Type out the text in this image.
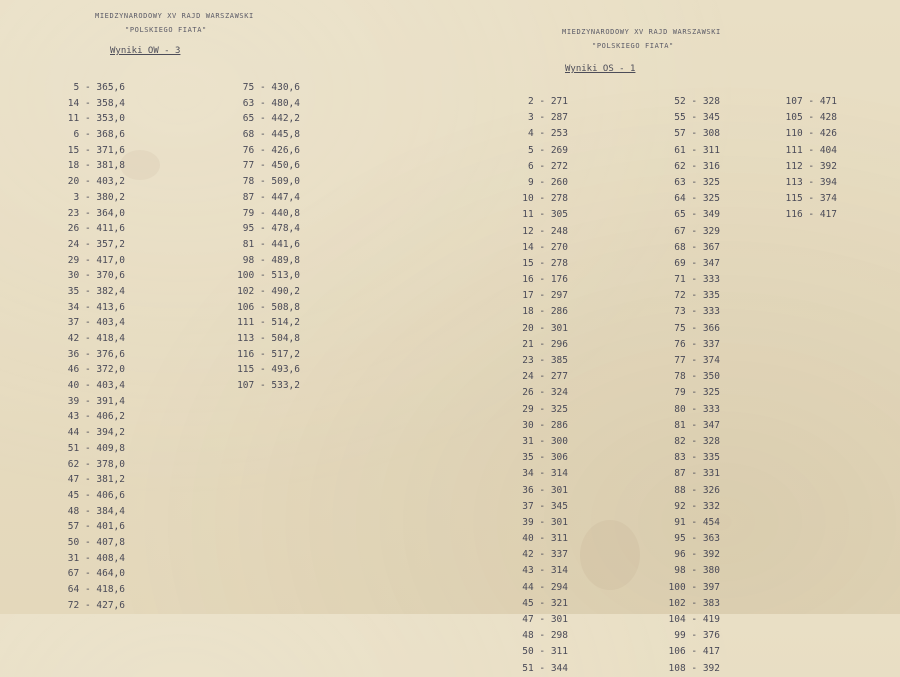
MIEDZYNARODOWY XV RAJD WARSZAWSKI
"POLSKIEGO FIATA"
Wyniki OW - 3
5 - 365,6
14 - 358,4
11 - 353,0
6 - 368,6
15 - 371,6
18 - 381,8
20 - 403,2
3 - 380,2
23 - 364,0
26 - 411,6
24 - 357,2
29 - 417,0
30 - 370,6
35 - 382,4
34 - 413,6
37 - 403,4
42 - 418,4
36 - 376,6
46 - 372,0
40 - 403,4
39 - 391,4
43 - 406,2
44 - 394,2
51 - 409,8
62 - 378,0
47 - 381,2
45 - 406,6
48 - 384,4
57 - 401,6
50 - 407,8
31 - 408,4
67 - 464,0
64 - 418,6
72 - 427,6
75 - 430,6
63 - 480,4
65 - 442,2
68 - 445,8
76 - 426,6
77 - 450,6
78 - 509,0
87 - 447,4
79 - 440,8
95 - 478,4
81 - 441,6
98 - 489,8
100 - 513,0
102 - 490,2
106 - 508,8
111 - 514,2
113 - 504,8
116 - 517,2
115 - 493,6
107 - 533,2
MIEDZYNARODOWY XV RAJD WARSZAWSKI
"POLSKIEGO FIATA"
Wyniki OS - 1
2 - 271
3 - 287
4 - 253
5 - 269
6 - 272
9 - 260
10 - 278
11 - 305
12 - 248
14 - 270
15 - 278
16 - 176
17 - 297
18 - 286
20 - 301
21 - 296
23 - 385
24 - 277
26 - 324
29 - 325
30 - 286
31 - 300
35 - 306
34 - 314
36 - 301
37 - 345
39 - 301
40 - 311
42 - 337
43 - 314
44 - 294
45 - 321
47 - 301
48 - 298
50 - 311
51 - 344
52 - 328
55 - 345
57 - 308
61 - 311
62 - 316
63 - 325
64 - 325
65 - 349
67 - 329
68 - 367
69 - 347
71 - 333
72 - 335
73 - 333
75 - 366
76 - 337
77 - 374
78 - 350
79 - 325
80 - 333
81 - 347
82 - 328
83 - 335
87 - 331
88 - 326
92 - 332
91 - 454
95 - 363
96 - 392
98 - 380
100 - 397
102 - 383
104 - 419
99 - 376
106 - 417
108 - 392
107 - 471
105 - 428
110 - 426
111 - 404
112 - 392
113 - 394
115 - 374
116 - 417
